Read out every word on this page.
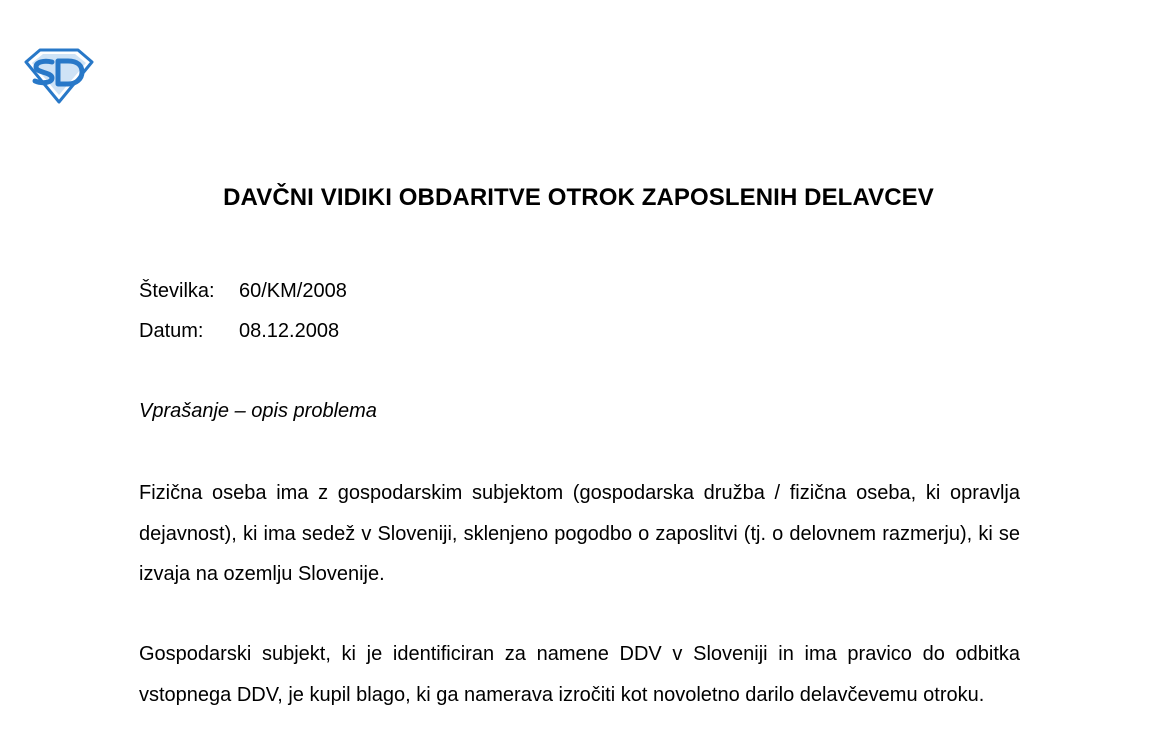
DAVČNI VIDIKI OBDARITVE OTROK ZAPOSLENIH DELAVCEV
Številka: 60/KM/2008
Datum: 08.12.2008
Vprašanje – opis problema

Fizična oseba ima z gospodarskim subjektom (gospodarska družba / fizična oseba, ki opravlja dejavnost), ki ima sedež v Sloveniji, sklenjeno pogodbo o zaposlitvi (tj. o delovnem razmerju), ki se izvaja na ozemlju Slovenije.

Gospodarski subjekt, ki je identificiran za namene DDV v Sloveniji in ima pravico do odbitka vstopnega DDV, je kupil blago, ki ga namerava izročiti kot novoletno darilo delavčevemu otroku.
